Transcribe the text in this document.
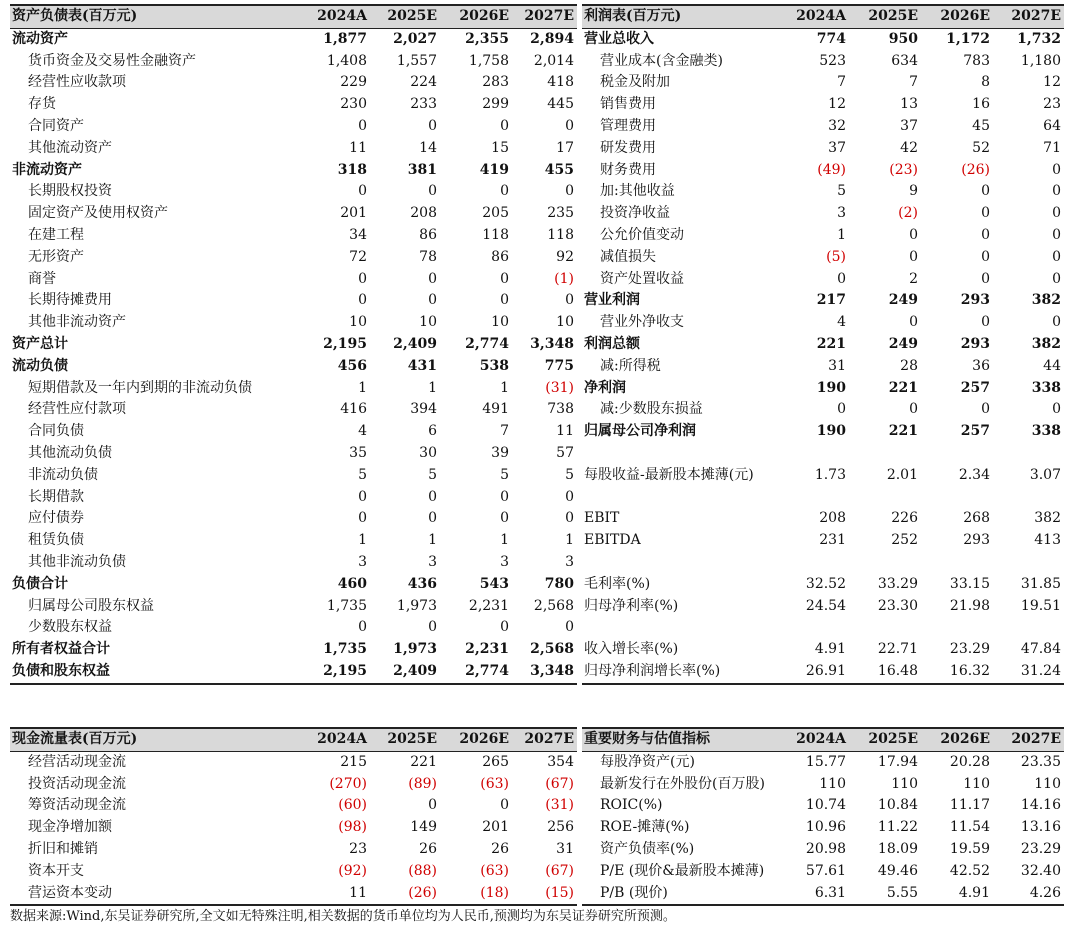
资产负债表(百万元)	2024A	2025E	2026E	2027E
流动资产	1,877	2,027	2,355	2,894
货币资金及交易性金融资产	1,408	1,557	1,758	2,014
经营性应收款项	229	224	283	418
存货	230	233	299	445
合同资产	0	0	0	0
其他流动资产	11	14	15	17
非流动资产	318	381	419	455
长期股权投资	0	0	0	0
固定资产及使用权资产	201	208	205	235
在建工程	34	86	118	118
无形资产	72	78	86	92
商誉	0	0	0	(1)
长期待摊费用	0	0	0	0
其他非流动资产	10	10	10	10
资产总计	2,195	2,409	2,774	3,348
流动负债	456	431	538	775
短期借款及一年内到期的非流动负债	1	1	1	(31)
经营性应付款项	416	394	491	738
合同负债	4	6	7	11
其他流动负债	35	30	39	57
非流动负债	5	5	5	5
长期借款	0	0	0	0
应付债券	0	0	0	0
租赁负债	1	1	1	1
其他非流动负债	3	3	3	3
负债合计	460	436	543	780
归属母公司股东权益	1,735	1,973	2,231	2,568
少数股东权益	0	0	0	0
所有者权益合计	1,735	1,973	2,231	2,568
负债和股东权益	2,195	2,409	2,774	3,348
利润表(百万元)	2024A	2025E	2026E	2027E
营业总收入	774	950	1,172	1,732
营业成本(含金融类)	523	634	783	1,180
税金及附加	7	7	8	12
销售费用	12	13	16	23
管理费用	32	37	45	64
研发费用	37	42	52	71
财务费用	(49)	(23)	(26)	0
加:其他收益	5	9	0	0
投资净收益	3	(2)	0	0
公允价值变动	1	0	0	0
减值损失	(5)	0	0	0
资产处置收益	0	2	0	0
营业利润	217	249	293	382
营业外净收支	4	0	0	0
利润总额	221	249	293	382
减:所得税	31	28	36	44
净利润	190	221	257	338
减:少数股东损益	0	0	0	0
归属母公司净利润	190	221	257	338

每股收益-最新股本摊薄(元)	1.73	2.01	2.34	3.07

EBIT	208	226	268	382
EBITDA	231	252	293	413

毛利率(%)	32.52	33.29	33.15	31.85
归母净利率(%)	24.54	23.30	21.98	19.51

收入增长率(%)	4.91	22.71	23.29	47.84
归母净利润增长率(%)	26.91	16.48	16.32	31.24
现金流量表(百万元)	2024A	2025E	2026E	2027E
经营活动现金流	215	221	265	354
投资活动现金流	(270)	(89)	(63)	(67)
筹资活动现金流	(60)	0	0	(31)
现金净增加额	(98)	149	201	256
折旧和摊销	23	26	26	31
资本开支	(92)	(88)	(63)	(67)
营运资本变动	11	(26)	(18)	(15)
重要财务与估值指标	2024A	2025E	2026E	2027E
每股净资产(元)	15.77	17.94	20.28	23.35
最新发行在外股份(百万股)	110	110	110	110
ROIC(%)	10.74	10.84	11.17	14.16
ROE-摊薄(%)	10.96	11.22	11.54	13.16
资产负债率(%)	20.98	18.09	19.59	23.29
P/E (现价&最新股本摊薄)	57.61	49.46	42.52	32.40
P/B (现价)	6.31	5.55	4.91	4.26
数据来源:Wind,东吴证券研究所,全文如无特殊注明,相关数据的货币单位均为人民币,预测均为东吴证券研究所预测。
